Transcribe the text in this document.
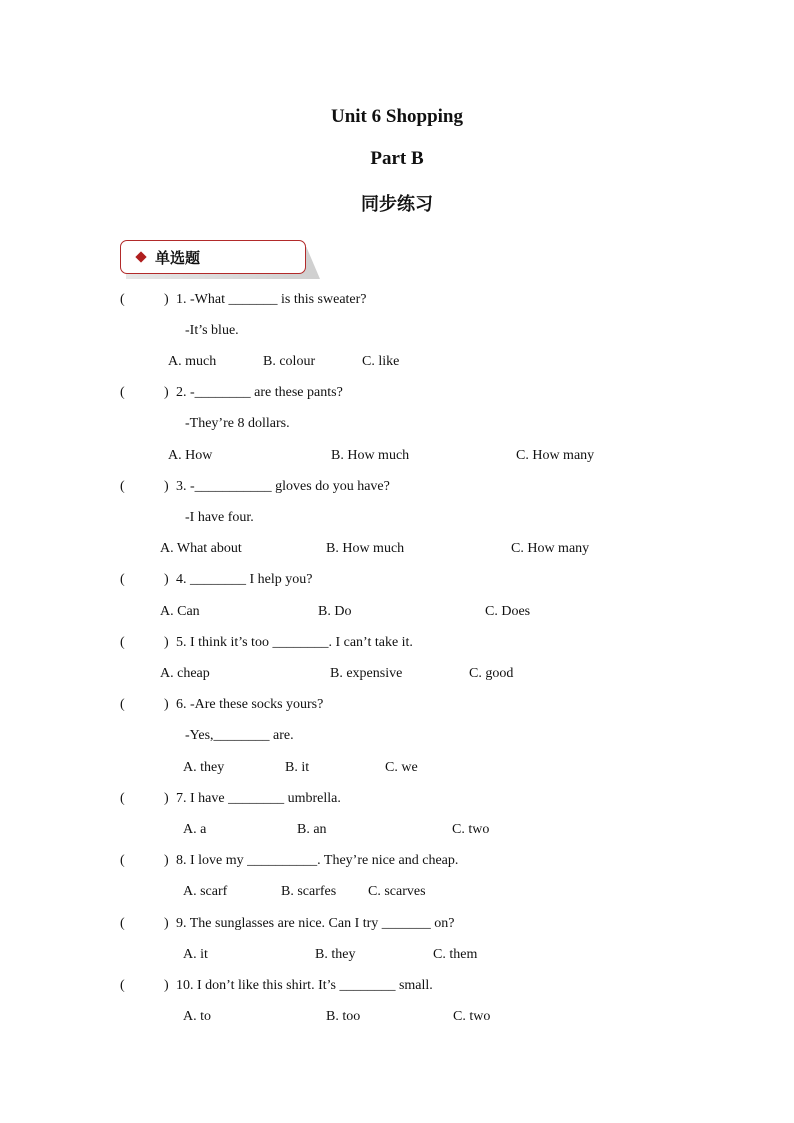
Unit 6 Shopping
Part B
同步练习
单选题
(	) 1. -What _______ is this sweater?
-It’s blue.
A. much	B. colour	C. like
(	) 2. -________ are these pants?
-They’re 8 dollars.
A. How	B. How much	C. How many
(	) 3. -___________ gloves do you have?
-I have four.
A. What about	B. How much	C. How many
(	) 4. ________ I help you?
A. Can	B. Do	C. Does
(	) 5. I think it’s too ________. I can’t take it.
A. cheap	B. expensive	C. good
(	) 6. -Are these socks yours?
-Yes,________ are.
A. they	B. it	C. we
(	) 7. I have ________ umbrella.
A. a	B. an	C. two
(	) 8. I love my __________. They’re nice and cheap.
A. scarf	B. scarfes C. scarves
(	) 9. The sunglasses are nice. Can I try _______ on?
A. it	B. they	C. them
(	) 10. I don’t like this shirt. It’s ________ small.
A. to	B. too	C. two
